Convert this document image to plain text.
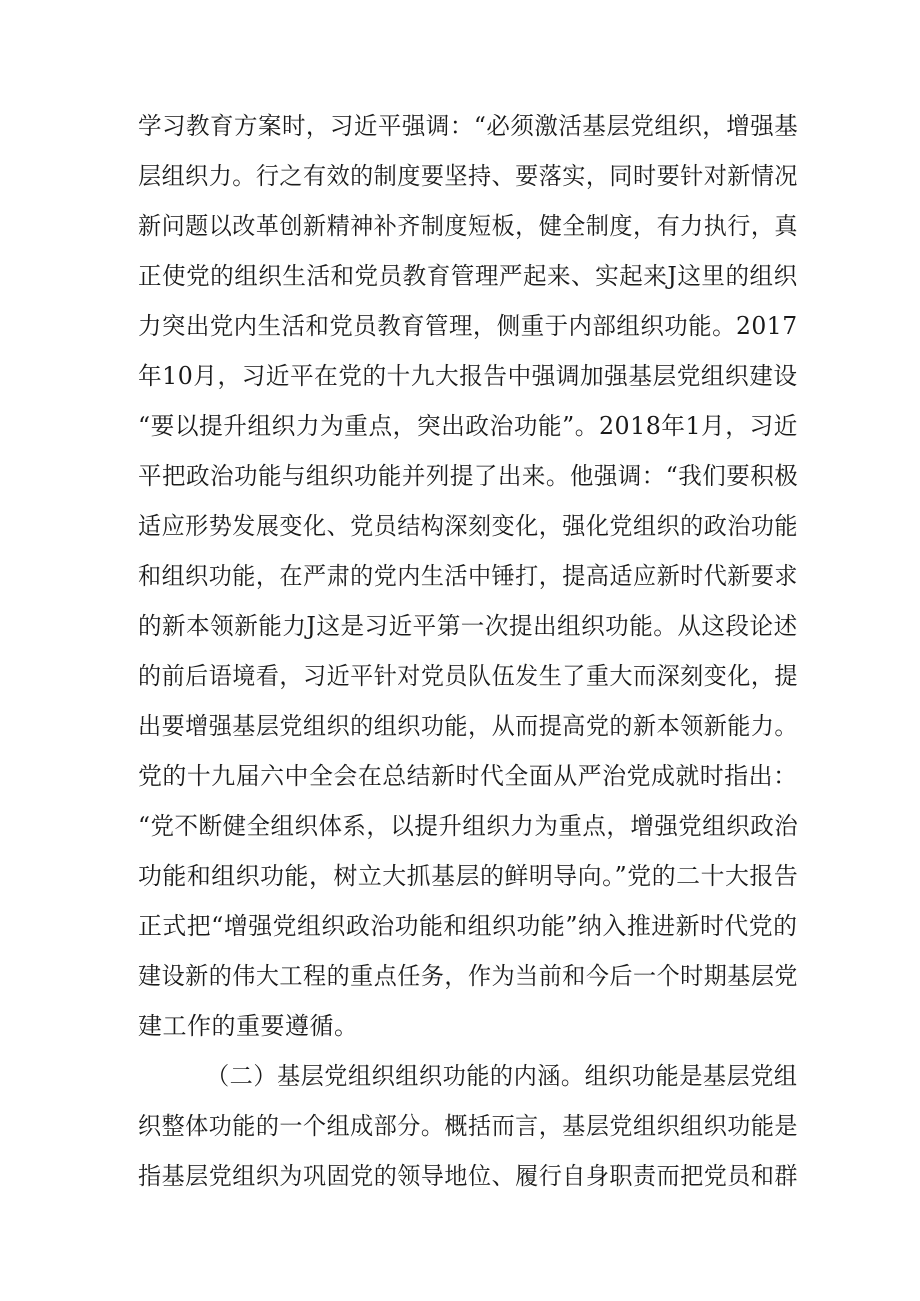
学习教育方案时，习近平强调：“必须激活基层党组织，增强基
层组织力。行之有效的制度要坚持、要落实，同时要针对新情况
新问题以改革创新精神补齐制度短板，健全制度，有力执行，真
正使党的组织生活和党员教育管理严起来、实起来J这里的组织
力突出党内生活和党员教育管理，侧重于内部组织功能。2017
年10月，习近平在党的十九大报告中强调加强基层党组织建设
“要以提升组织力为重点，突出政治功能”。2018年1月，习近
平把政治功能与组织功能并列提了出来。他强调：“我们要积极
适应形势发展变化、党员结构深刻变化，强化党组织的政治功能
和组织功能，在严肃的党内生活中锤打，提高适应新时代新要求
的新本领新能力J这是习近平第一次提出组织功能。从这段论述
的前后语境看，习近平针对党员队伍发生了重大而深刻变化，提
出要增强基层党组织的组织功能，从而提高党的新本领新能力。
党的十九届六中全会在总结新时代全面从严治党成就时指出：
“党不断健全组织体系，以提升组织力为重点，增强党组织政治
功能和组织功能，树立大抓基层的鲜明导向。”党的二十大报告
正式把“增强党组织政治功能和组织功能”纳入推进新时代党的
建设新的伟大工程的重点任务，作为当前和今后一个时期基层党
建工作的重要遵循。
（二）基层党组织组织功能的内涵。组织功能是基层党组
织整体功能的一个组成部分。概括而言，基层党组织组织功能是
指基层党组织为巩固党的领导地位、履行自身职责而把党员和群
